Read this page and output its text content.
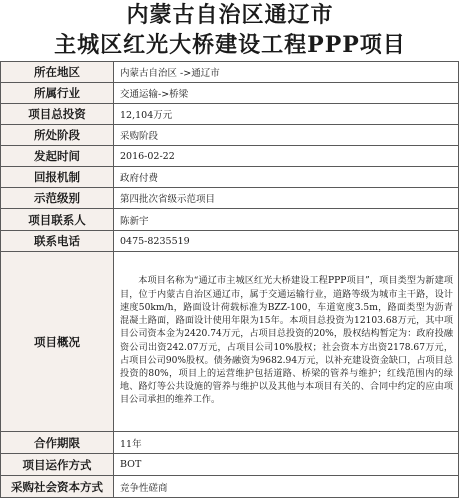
内蒙古自治区通辽市
主城区红光大桥建设工程PPP项目
所在地区	内蒙古自治区 ->通辽市
所属行业	交通运输->桥梁
项目总投资	12,104万元
所处阶段	采购阶段
发起时间	2016-02-22
回报机制	政府付费
示范级别	第四批次省级示范项目
项目联系人	陈新宇
联系电话	0475-8235519
项目概况	本项目名称为“通辽市主城区红光大桥建设工程PPP项目”，项目类型为新建项目，位于内蒙古自治区通辽市，属于交通运输行业，道路等级为城市主干路，设计速度50km/h，路面设计荷载标准为BZZ-100，车道宽度3.5m，路面类型为沥青混凝土路面，路面设计使用年限为15年。本项目总投资为12103.68万元，其中项目公司资本金为2420.74万元，占项目总投资的20%，股权结构暂定为：政府投融资公司出资242.07万元，占项目公司10%股权；社会资本方出资2178.67万元，占项目公司90%股权。债务融资为9682.94万元，以补充建设资金缺口，占项目总投资的80%，项目上的运营维护包括道路、桥梁的管养与维护；红线范围内的绿地、路灯等公共设施的管养与维护以及其他与本项目有关的、合同中约定的应由项目公司承担的维养工作。

合作期限	11年
项目运作方式	BOT
采购社会资本方式	竞争性磋商
